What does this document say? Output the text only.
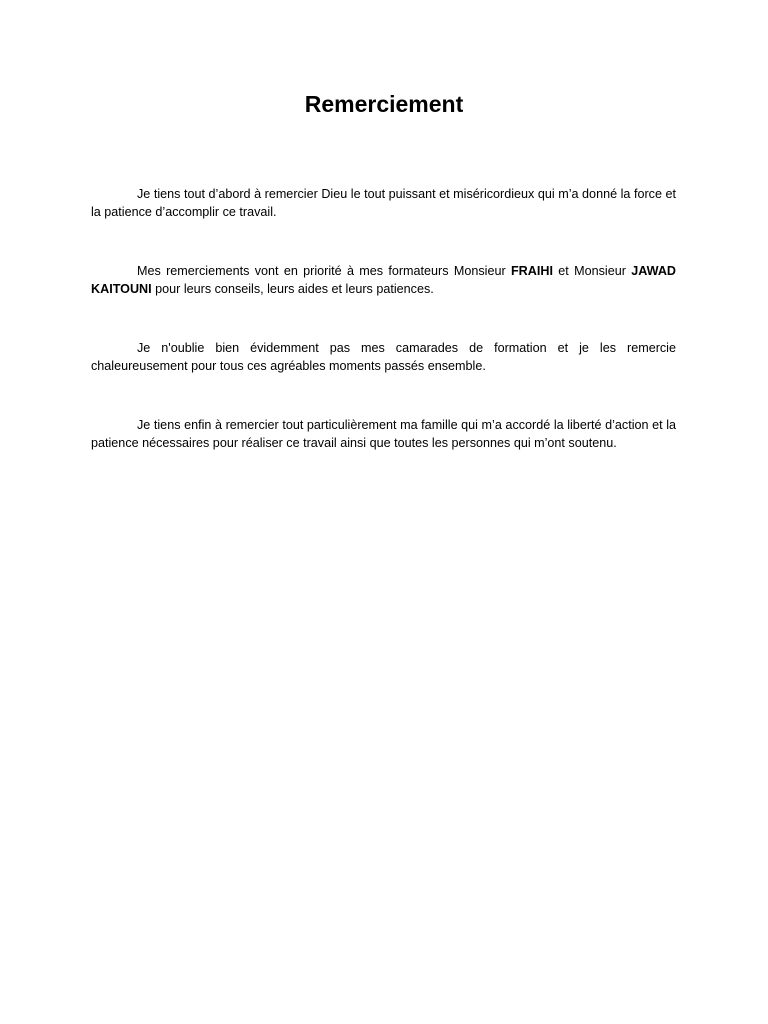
Remerciement

Je tiens tout d’abord à remercier Dieu le tout puissant et miséricordieux qui m’a donné la force et la patience d’accomplir ce travail.

Mes remerciements vont en priorité à mes formateurs Monsieur FRAIHI et Monsieur JAWAD KAITOUNI pour leurs conseils, leurs aides et leurs patiences.

Je n'oublie bien évidemment pas mes camarades de formation et je les remercie chaleureusement pour tous ces agréables moments passés ensemble.

Je tiens enfin à remercier tout particulièrement ma famille qui m’a accordé la liberté d’action et la patience nécessaires pour réaliser ce travail ainsi que toutes les personnes qui m’ont soutenu.
